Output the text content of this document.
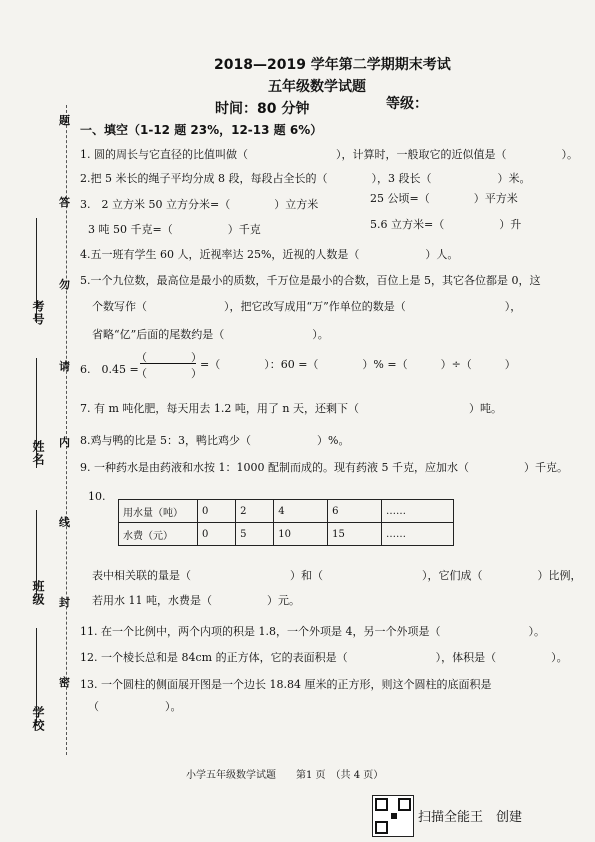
2018—2019 学年第二学期期末考试
五年级数学试题
时间：80 分钟	等级：
考号
姓名
班级
学校
题
答
勿
请
内
线
封
密
一、填空（1-12 题 23%，12-13 题 6%）
1. 圆的周长与它直径的比值叫做（　　　　　　　　），计算时，一般取它的近似值是（　　　　　）。
2.把 5 米长的绳子平均分成 8 段，每段占全长的（　　　　），3 段长（　　　　　　）米。
3.　2 立方米 50 立方分米=（　　　　）立方米	25 公顷=（　　　　）平方米
3 吨 50 千克=（　　　　　）千克	5.6 立方米=（　　　　　）升
4.五一班有学生 60 人，近视率达 25%，近视的人数是（　　　　　　）人。
5.一个九位数，最高位是最小的质数，千万位是最小的合数，百位上是 5，其它各位都是 0，这
个数写作（　　　　　　　），把它改写成用“万”作单位的数是（　　　　　　　　　），
省略“亿”后面的尾数约是（　　　　　　　　）。
6.　0.45 =
（　　　　）
（　　　　）
=（　　　　）：60 =（　　　　）% =（　　　）÷（　　　）
7. 有 m 吨化肥，每天用去 1.2 吨，用了 n 天，还剩下（　　　　　　　　　　）吨。
8.鸡与鸭的比是 5：3，鸭比鸡少（　　　　　　）%。
9. 一种药水是由药液和水按 1：1000 配制而成的。现有药液 5 千克，应加水（　　　　　）千克。
10.
用水量（吨）	0	2	4	6	……
水费（元）	0	5	10	15	……
表中相关联的量是（　　　　　　　　　）和（　　　　　　　　　），它们成（　　　　　）比例，
若用水 11 吨，水费是（　　　　　）元。
11. 在一个比例中，两个内项的积是 1.8，一个外项是 4，另一个外项是（　　　　　　　　）。
12. 一个棱长总和是 84cm 的正方体，它的表面积是（　　　　　　　　），体积是（　　　　　）。
13. 一个圆柱的侧面展开图是一个边长 18.84 厘米的正方形，则这个圆柱的底面积是
（　　　　　　）。
小学五年级数学试题　　第1 页　（共 4 页）
扫描全能王　创建
